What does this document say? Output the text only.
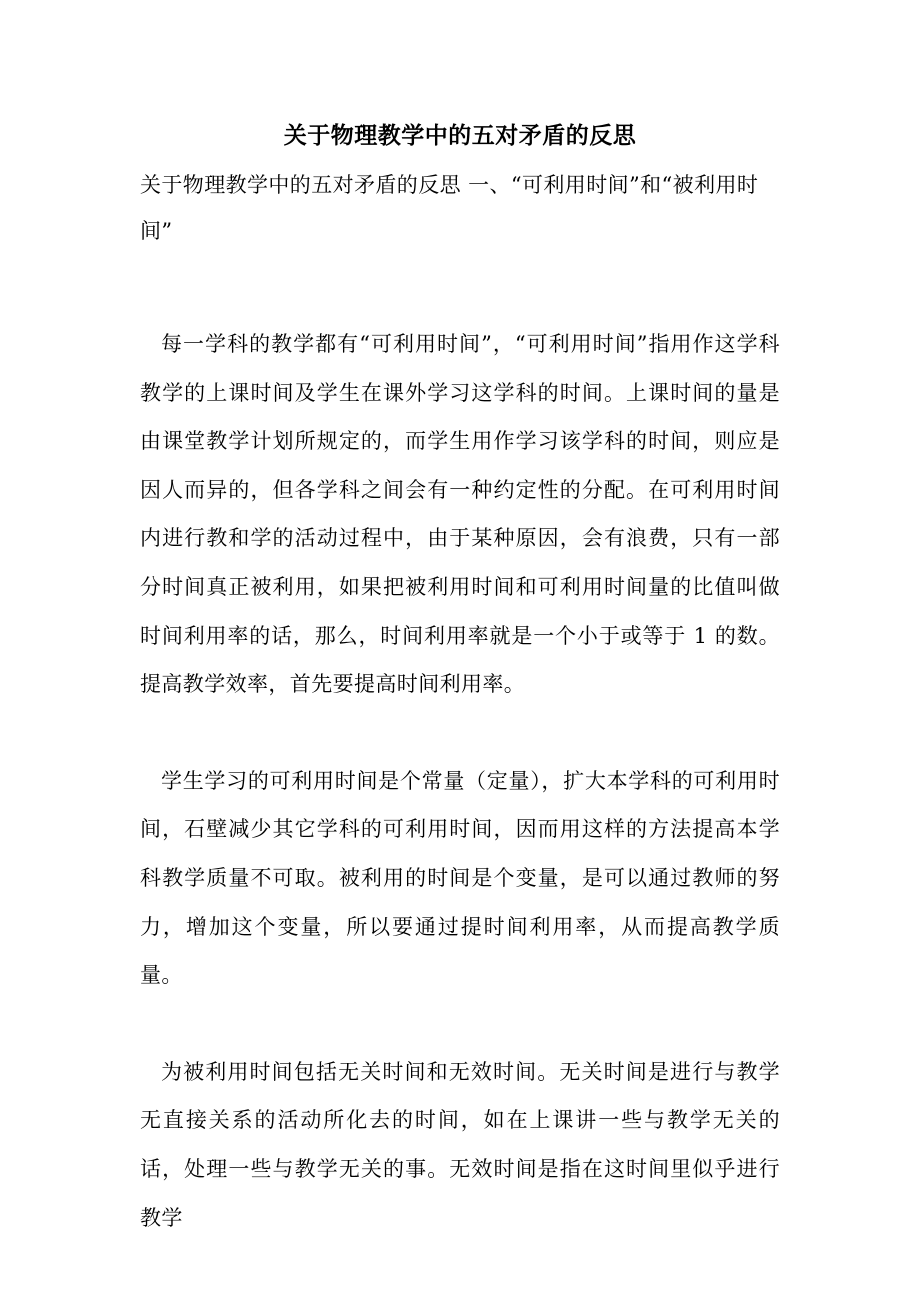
关于物理教学中的五对矛盾的反思

关于物理教学中的五对矛盾的反思 一、“可利用时间”和“被利用时间”

每一学科的教学都有“可利用时间”，“可利用时间”指用作这学科教学的上课时间及学生在课外学习这学科的时间。上课时间的量是由课堂教学计划所规定的，而学生用作学习该学科的时间，则应是因人而异的，但各学科之间会有一种约定性的分配。在可利用时间内进行教和学的活动过程中，由于某种原因，会有浪费，只有一部分时间真正被利用，如果把被利用时间和可利用时间量的比值叫做时间利用率的话，那么，时间利用率就是一个小于或等于 1 的数。提高教学效率，首先要提高时间利用率。

学生学习的可利用时间是个常量（定量），扩大本学科的可利用时间，石壁减少其它学科的可利用时间，因而用这样的方法提高本学科教学质量不可取。被利用的时间是个变量，是可以通过教师的努力，增加这个变量，所以要通过提时间利用率，从而提高教学质量。

为被利用时间包括无关时间和无效时间。无关时间是进行与教学无直接关系的活动所化去的时间，如在上课讲一些与教学无关的话，处理一些与教学无关的事。无效时间是指在这时间里似乎进行教学
